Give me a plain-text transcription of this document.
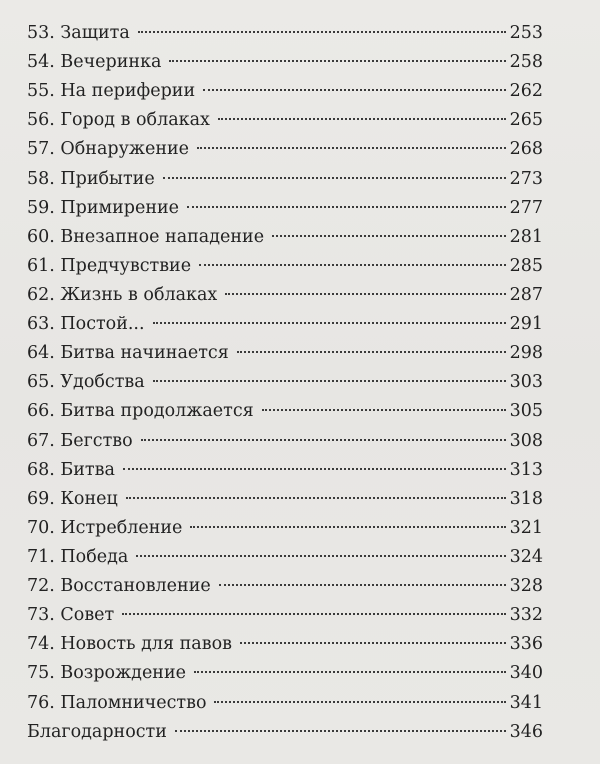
53. Защита	253
54. Вечеринка	258
55. На периферии	262
56. Город в облаках	265
57. Обнаружение	268
58. Прибытие	273
59. Примирение	277
60. Внезапное нападение	281
61. Предчувствие	285
62. Жизнь в облаках	287
63. Постой...	291
64. Битва начинается	298
65. Удобства	303
66. Битва продолжается	305
67. Бегство	308
68. Битва	313
69. Конец	318
70. Истребление	321
71. Победа	324
72. Восстановление	328
73. Совет	332
74. Новость для павов	336
75. Возрождение	340
76. Паломничество	341
Благодарности	346
